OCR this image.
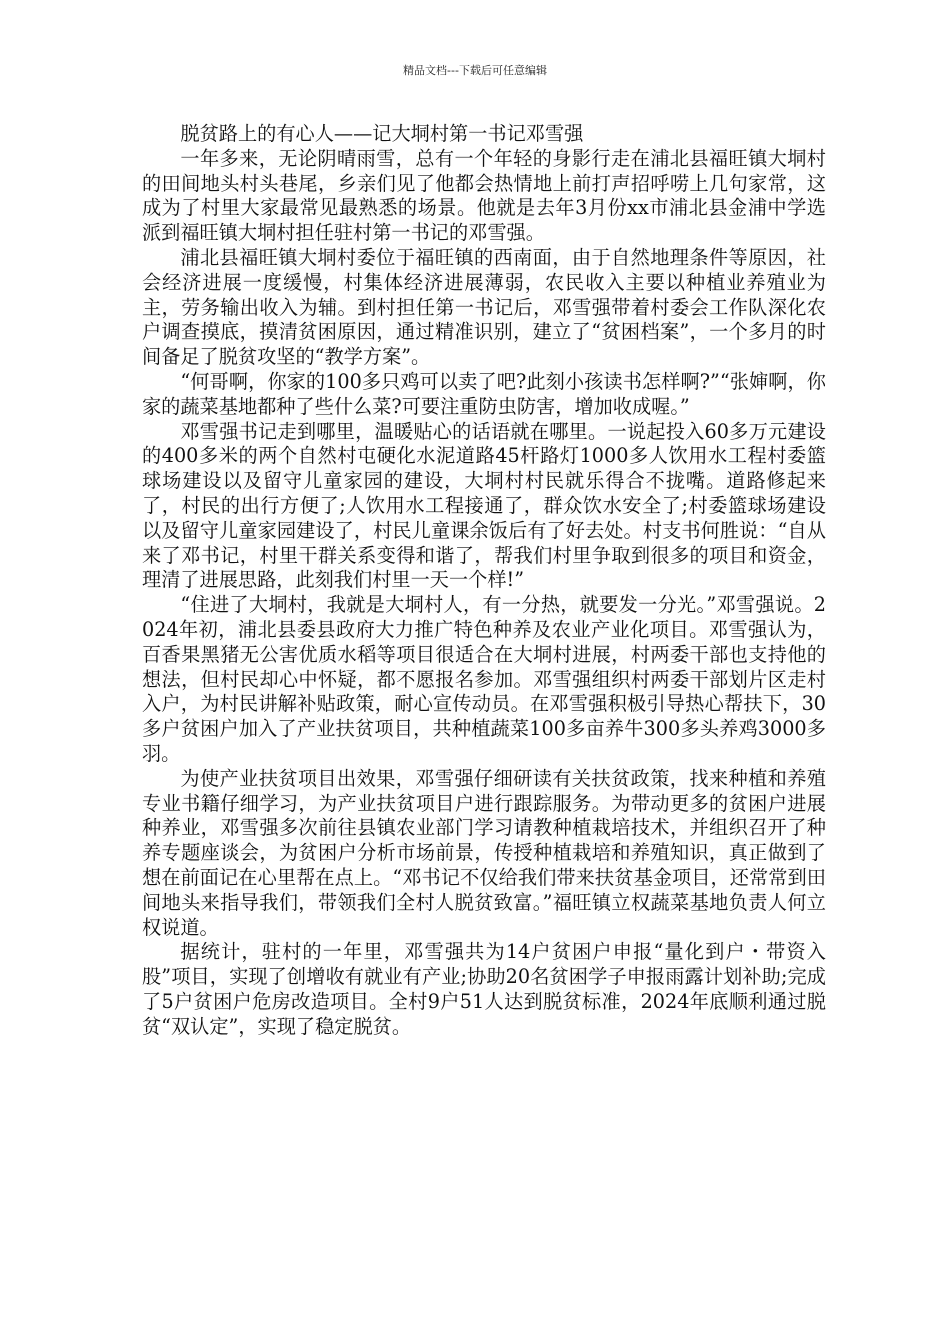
精品文档---下载后可任意编辑

脱贫路上的有心人——记大垌村第一书记邓雪强

一年多来，无论阴晴雨雪，总有一个年轻的身影行走在浦北县福旺镇大垌村的田间地头村头巷尾，乡亲们见了他都会热情地上前打声招呼唠上几句家常，这成为了村里大家最常见最熟悉的场景。他就是去年3月份xx市浦北县金浦中学选派到福旺镇大垌村担任驻村第一书记的邓雪强。

浦北县福旺镇大垌村委位于福旺镇的西南面，由于自然地理条件等原因，社会经济进展一度缓慢，村集体经济进展薄弱，农民收入主要以种植业养殖业为主，劳务输出收入为辅。到村担任第一书记后，邓雪强带着村委会工作队深化农户调查摸底，摸清贫困原因，通过精准识别，建立了“贫困档案”，一个多月的时间备足了脱贫攻坚的“教学方案”。

“何哥啊，你家的100多只鸡可以卖了吧?此刻小孩读书怎样啊?”“张婶啊，你家的蔬菜基地都种了些什么菜?可要注重防虫防害，增加收成喔。”

邓雪强书记走到哪里，温暖贴心的话语就在哪里。一说起投入60多万元建设的400多米的两个自然村屯硬化水泥道路45杆路灯1000多人饮用水工程村委篮球场建设以及留守儿童家园的建设，大垌村村民就乐得合不拢嘴。道路修起来了，村民的出行方便了;人饮用水工程接通了，群众饮水安全了;村委篮球场建设以及留守儿童家园建设了，村民儿童课余饭后有了好去处。村支书何胜说：“自从来了邓书记，村里干群关系变得和谐了，帮我们村里争取到很多的项目和资金，理清了进展思路，此刻我们村里一天一个样!”

“住进了大垌村，我就是大垌村人，有一分热，就要发一分光。”邓雪强说。2024年初，浦北县委县政府大力推广特色种养及农业产业化项目。邓雪强认为，百香果黑猪无公害优质水稻等项目很适合在大垌村进展，村两委干部也支持他的想法，但村民却心中怀疑，都不愿报名参加。邓雪强组织村两委干部划片区走村入户，为村民讲解补贴政策，耐心宣传动员。在邓雪强积极引导热心帮扶下，30多户贫困户加入了产业扶贫项目，共种植蔬菜100多亩养牛300多头养鸡3000多羽。

为使产业扶贫项目出效果，邓雪强仔细研读有关扶贫政策，找来种植和养殖专业书籍仔细学习，为产业扶贫项目户进行跟踪服务。为带动更多的贫困户进展种养业，邓雪强多次前往县镇农业部门学习请教种植栽培技术，并组织召开了种养专题座谈会，为贫困户分析市场前景，传授种植栽培和养殖知识，真正做到了想在前面记在心里帮在点上。“邓书记不仅给我们带来扶贫基金项目，还常常到田间地头来指导我们，带领我们全村人脱贫致富。”福旺镇立权蔬菜基地负责人何立权说道。

据统计，驻村的一年里，邓雪强共为14户贫困户申报“量化到户・带资入股”项目，实现了创增收有就业有产业;协助20名贫困学子申报雨露计划补助;完成了5户贫困户危房改造项目。全村9户51人达到脱贫标准，2024年底顺利通过脱贫“双认定”，实现了稳定脱贫。
